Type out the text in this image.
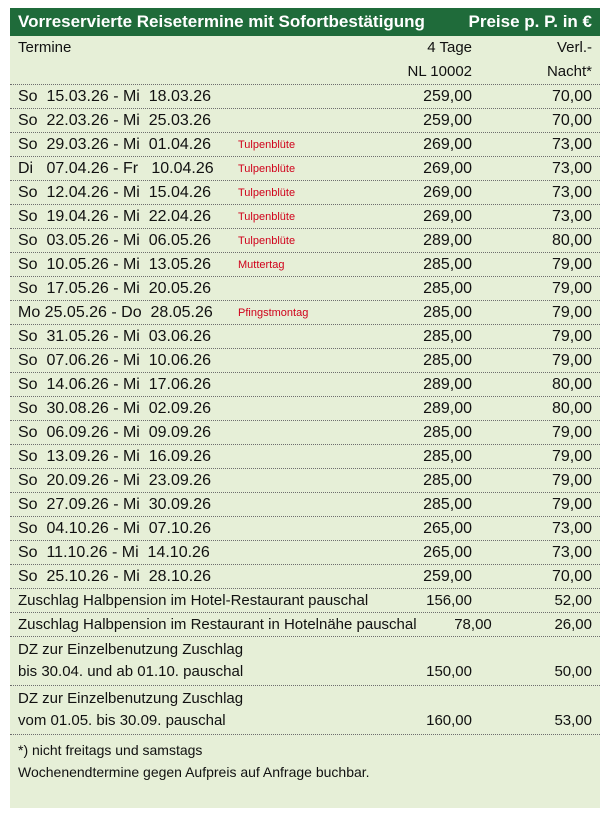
Vorreservierte Reisetermine mit Sofortbestätigung	Preise p. P. in €
Termine	4 Tage	Verl.-
NL 10002	Nacht*
So  15.03.26 - Mi  18.03.26	259,00	70,00
So  22.03.26 - Mi  25.03.26	259,00	70,00
So  29.03.26 - Mi  01.04.26	Tulpenblüte	269,00	73,00
Di   07.04.26 - Fr   10.04.26	Tulpenblüte	269,00	73,00
So  12.04.26 - Mi  15.04.26	Tulpenblüte	269,00	73,00
So  19.04.26 - Mi  22.04.26	Tulpenblüte	269,00	73,00
So  03.05.26 - Mi  06.05.26	Tulpenblüte	289,00	80,00
So  10.05.26 - Mi  13.05.26	Muttertag	285,00	79,00
So  17.05.26 - Mi  20.05.26	285,00	79,00
Mo 25.05.26 - Do  28.05.26	Pfingstmontag	285,00	79,00
So  31.05.26 - Mi  03.06.26	285,00	79,00
So  07.06.26 - Mi  10.06.26	285,00	79,00
So  14.06.26 - Mi  17.06.26	289,00	80,00
So  30.08.26 - Mi  02.09.26	289,00	80,00
So  06.09.26 - Mi  09.09.26	285,00	79,00
So  13.09.26 - Mi  16.09.26	285,00	79,00
So  20.09.26 - Mi  23.09.26	285,00	79,00
So  27.09.26 - Mi  30.09.26	285,00	79,00
So  04.10.26 - Mi  07.10.26	265,00	73,00
So  11.10.26 - Mi  14.10.26	265,00	73,00
So  25.10.26 - Mi  28.10.26	259,00	70,00
Zuschlag Halbpension im Hotel-Restaurant pauschal	156,00	52,00
Zuschlag Halbpension im Restaurant in Hotelnähe pauschal	78,00	26,00
DZ zur Einzelbenutzung Zuschlag
bis 30.04. und ab 01.10. pauschal	150,00	50,00
DZ zur Einzelbenutzung Zuschlag
vom 01.05. bis 30.09. pauschal	160,00	53,00
*) nicht freitags und samstags
Wochenendtermine gegen Aufpreis auf Anfrage buchbar.
